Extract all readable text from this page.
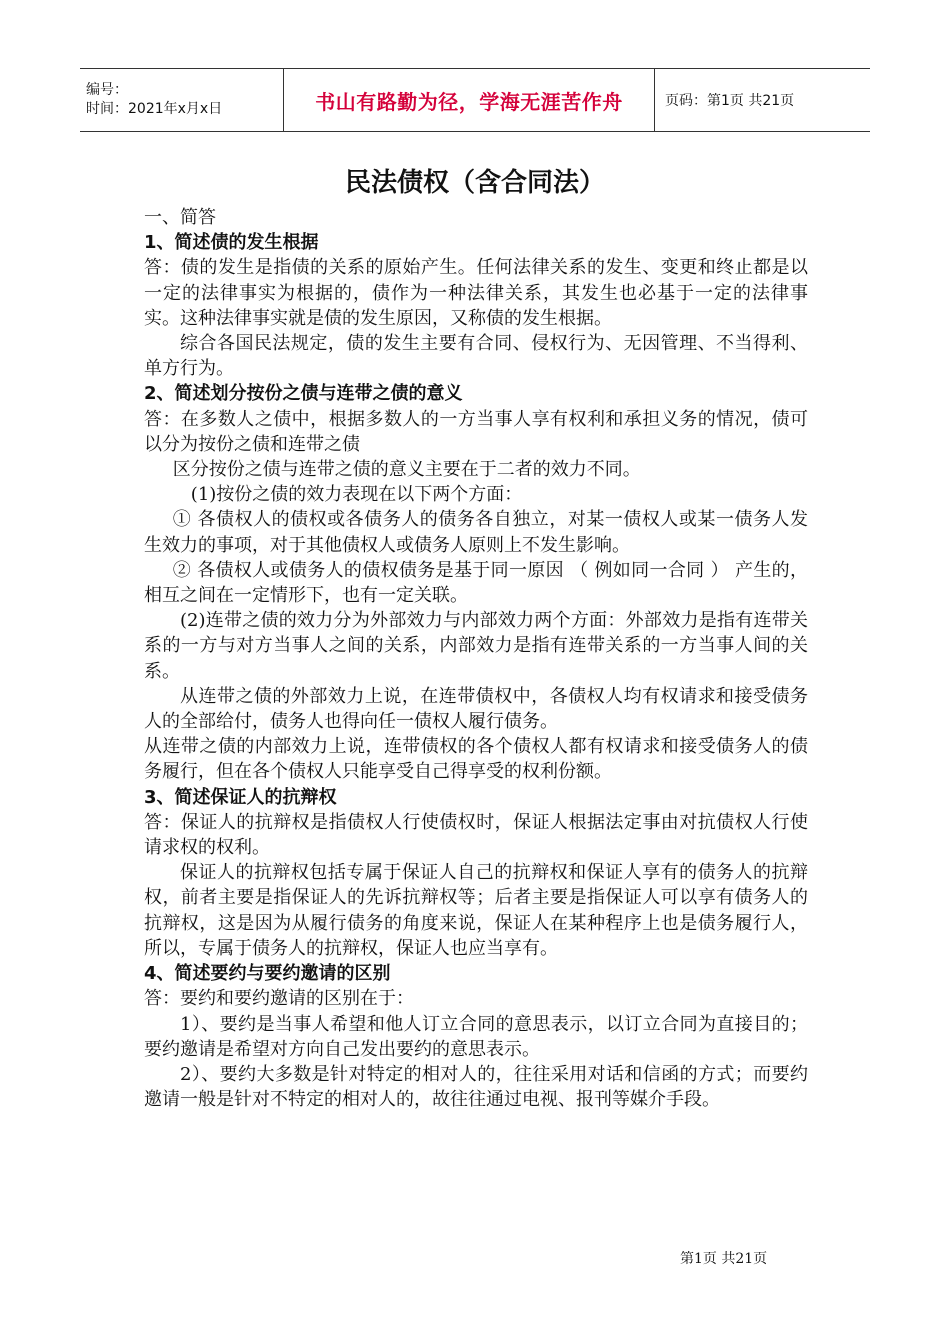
编号：
时间：2021年x月x日	书山有路勤为径，学海无涯苦作舟	页码：第1页 共21页
民法债权（含合同法）

一、简答

1、简述债的发生根据

答：债的发生是指债的关系的原始产生。任何法律关系的发生、变更和终止都是以一定的法律事实为根据的，债作为一种法律关系，其发生也必基于一定的法律事实。这种法律事实就是债的发生原因，又称债的发生根据。

综合各国民法规定，债的发生主要有合同、侵权行为、无因管理、不当得利、单方行为。

2、简述划分按份之债与连带之债的意义

答：在多数人之债中，根据多数人的一方当事人享有权利和承担义务的情况，债可以分为按份之债和连带之债

区分按份之债与连带之债的意义主要在于二者的效力不同。

(1)按份之债的效力表现在以下两个方面：

① 各债权人的债权或各债务人的债务各自独立，对某一债权人或某一债务人发生效力的事项，对于其他债权人或债务人原则上不发生影响。

② 各债权人或债务人的债权债务是基于同一原因 （ 例如同一合同 ） 产生的，相互之间在一定情形下，也有一定关联。

(2)连带之债的效力分为外部效力与内部效力两个方面：外部效力是指有连带关系的一方与对方当事人之间的关系，内部效力是指有连带关系的一方当事人间的关系。

从连带之债的外部效力上说，在连带债权中，各债权人均有权请求和接受债务人的全部给付，债务人也得向任一债权人履行债务。

从连带之债的内部效力上说，连带债权的各个债权人都有权请求和接受债务人的债务履行，但在各个债权人只能享受自己得享受的权利份额。

3、简述保证人的抗辩权

答：保证人的抗辩权是指债权人行使债权时，保证人根据法定事由对抗债权人行使请求权的权利。

保证人的抗辩权包括专属于保证人自己的抗辩权和保证人享有的债务人的抗辩权，前者主要是指保证人的先诉抗辩权等；后者主要是指保证人可以享有债务人的抗辩权，这是因为从履行债务的角度来说，保证人在某种程序上也是债务履行人，所以，专属于债务人的抗辩权，保证人也应当享有。

4、简述要约与要约邀请的区别

答：要约和要约邀请的区别在于：

1）、要约是当事人希望和他人订立合同的意思表示，以订立合同为直接目的；要约邀请是希望对方向自己发出要约的意思表示。

2）、要约大多数是针对特定的相对人的，往往采用对话和信函的方式；而要约邀请一般是针对不特定的相对人的，故往往通过电视、报刊等媒介手段。

第1页 共21页
